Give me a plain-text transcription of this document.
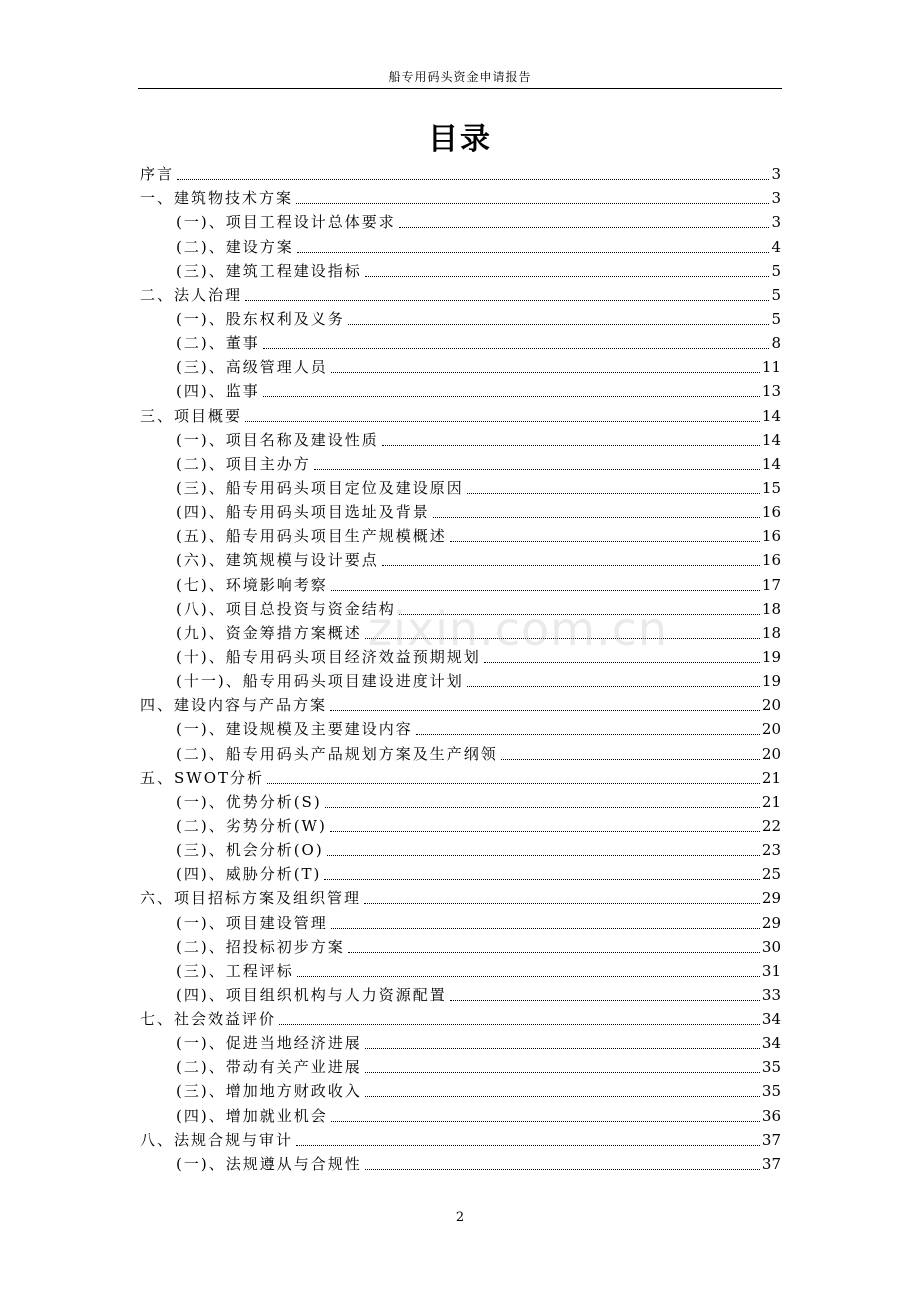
船专用码头资金申请报告
目录
序言	3
一、建筑物技术方案	3
(一)、项目工程设计总体要求	3
(二)、建设方案	4
(三)、建筑工程建设指标	5
二、法人治理	5
(一)、股东权利及义务	5
(二)、董事	8
(三)、高级管理人员	11
(四)、监事	13
三、项目概要	14
(一)、项目名称及建设性质	14
(二)、项目主办方	14
(三)、船专用码头项目定位及建设原因	15
(四)、船专用码头项目选址及背景	16
(五)、船专用码头项目生产规模概述	16
(六)、建筑规模与设计要点	16
(七)、环境影响考察	17
(八)、项目总投资与资金结构	18
(九)、资金筹措方案概述	18
(十)、船专用码头项目经济效益预期规划	19
(十一)、船专用码头项目建设进度计划	19
四、建设内容与产品方案	20
(一)、建设规模及主要建设内容	20
(二)、船专用码头产品规划方案及生产纲领	20
五、SWOT分析	21
(一)、优势分析(S)	21
(二)、劣势分析(W)	22
(三)、机会分析(O)	23
(四)、威胁分析(T)	25
六、项目招标方案及组织管理	29
(一)、项目建设管理	29
(二)、招投标初步方案	30
(三)、工程评标	31
(四)、项目组织机构与人力资源配置	33
七、社会效益评价	34
(一)、促进当地经济进展	34
(二)、带动有关产业进展	35
(三)、增加地方财政收入	35
(四)、增加就业机会	36
八、法规合规与审计	37
(一)、法规遵从与合规性	37
zixin.com.cn
2
